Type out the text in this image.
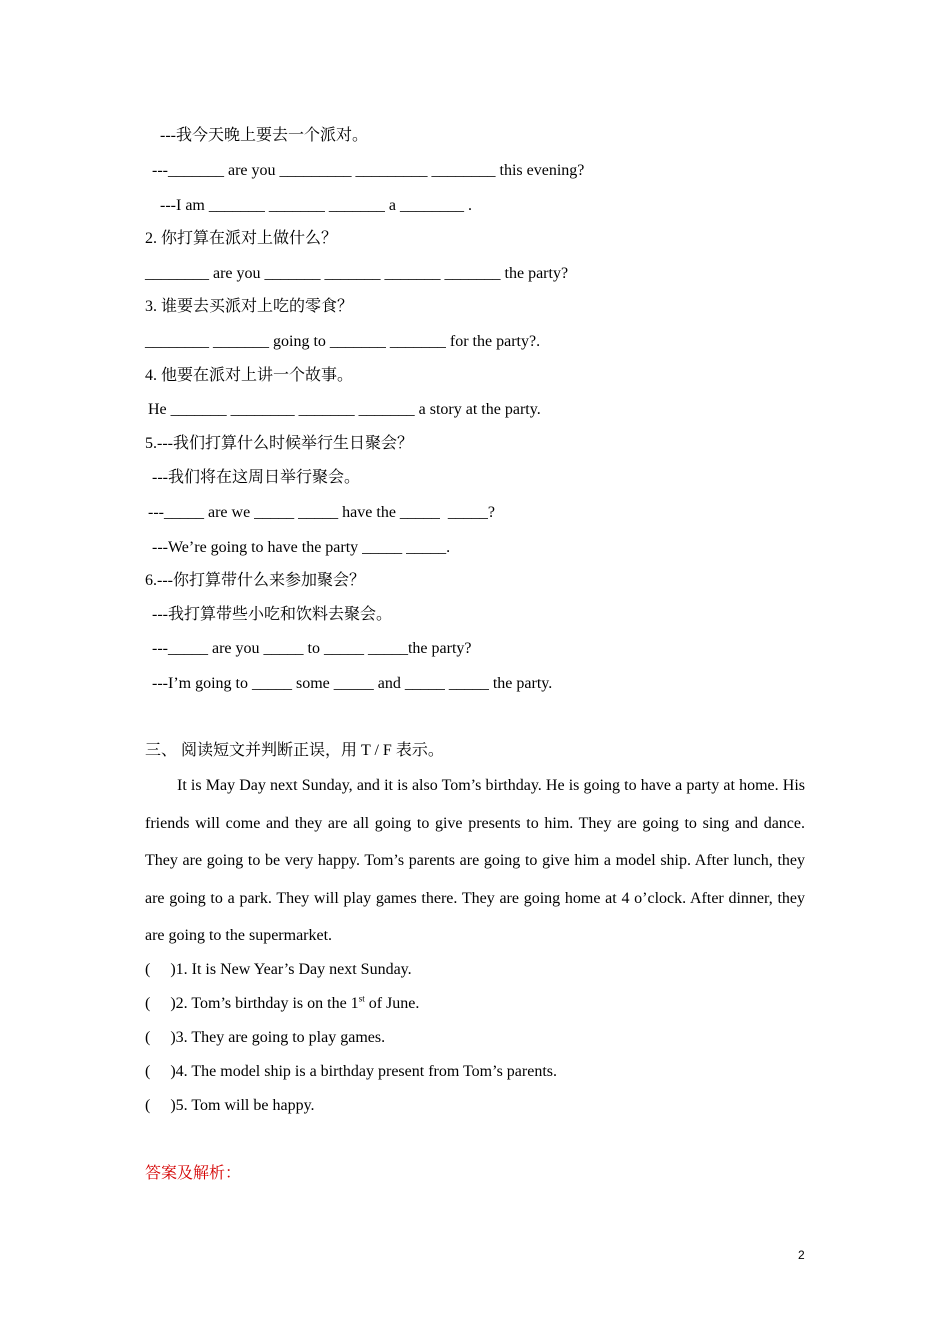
---我今天晚上要去一个派对。
---_______ are you _________ _________ ________ this evening?
---I am _______ _______ _______ a ________ .
2. 你打算在派对上做什么？
________ are you _______ _______ _______ _______ the party?
3. 谁要去买派对上吃的零食？
________ _______ going to _______ _______ for the party?.
4. 他要在派对上讲一个故事。
He _______ ________ _______ _______ a story at the party.
5.---我们打算什么时候举行生日聚会？
---我们将在这周日举行聚会。
---_____ are we _____ _____ have the _____  _____?
---We’re going to have the party _____ _____.
6.---你打算带什么来参加聚会？
---我打算带些小吃和饮料去聚会。
---_____ are you _____ to _____ _____the party?
---I’m going to _____ some _____ and _____ _____ the party.
三、 阅读短文并判断正误，用 T / F 表示。
It is May Day next Sunday, and it is also Tom’s birthday. He is going to have a party at home. His friends will come and they are all going to give presents to him. They are going to sing and dance. They are going to be very happy. Tom’s parents are going to give him a model ship. After lunch, they are going to a park. They will play games there. They are going home at 4 o’clock. After dinner, they are going to the supermarket.
(     )1. It is New Year’s Day next Sunday.
(     )2. Tom’s birthday is on the 1st of June.
(     )3. They are going to play games.
(     )4. The model ship is a birthday present from Tom’s parents.
(     )5. Tom will be happy.
答案及解析：
2
